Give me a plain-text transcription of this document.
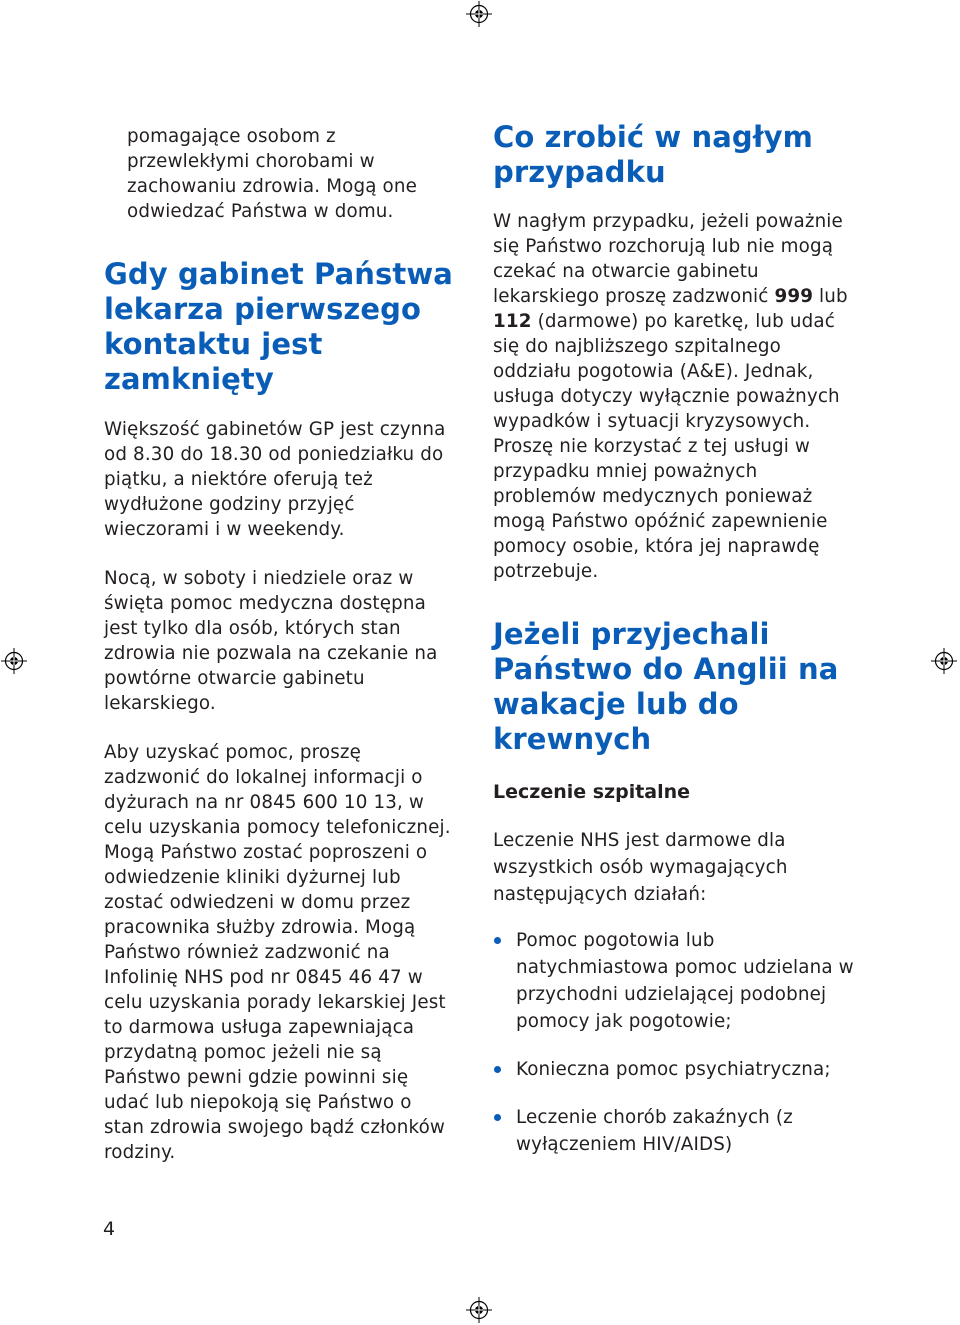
pomagające osobom z przewlekłymi chorobami w zachowaniu zdrowia. Mogą one odwiedzać Państwa w domu.

Gdy gabinet Państwa lekarza pierwszego kontaktu jest zamknięty

Większość gabinetów GP jest czynna od 8.30 do 18.30 od poniedziałku do piątku, a niektóre oferują też wydłużone godziny przyjęć wieczorami i w weekendy.

Nocą, w soboty i niedziele oraz w święta pomoc medyczna dostępna jest tylko dla osób, których stan zdrowia nie pozwala na czekanie na powtórne otwarcie gabinetu lekarskiego.

Aby uzyskać pomoc, proszę zadzwonić do lokalnej informacji o dyżurach na nr 0845 600 10 13, w celu uzyskania pomocy telefonicznej. Mogą Państwo zostać poproszeni o odwiedzenie kliniki dyżurnej lub zostać odwiedzeni w domu przez pracownika służby zdrowia. Mogą Państwo również zadzwonić na Infolinię NHS pod nr 0845 46 47 w celu uzyskania porady lekarskiej Jest to darmowa usługa zapewniająca przydatną pomoc jeżeli nie są Państwo pewni gdzie powinni się udać lub niepokoją się Państwo o stan zdrowia swojego bądź członków rodziny.

Co zrobić w nagłym przypadku

W nagłym przypadku, jeżeli poważnie się Państwo rozchorują lub nie mogą czekać na otwarcie gabinetu lekarskiego proszę zadzwonić 999 lub 112 (darmowe) po karetkę, lub udać się do najbliższego szpitalnego oddziału pogotowia (A&E). Jednak, usługa dotyczy wyłącznie poważnych wypadków i sytuacji kryzysowych. Proszę nie korzystać z tej usługi w przypadku mniej poważnych problemów medycznych ponieważ mogą Państwo opóźnić zapewnienie pomocy osobie, która jej naprawdę potrzebuje.

Jeżeli przyjechali Państwo do Anglii na wakacje lub do krewnych
Leczenie szpitalne

Leczenie NHS jest darmowe dla wszystkich osób wymagających następujących działań:

Pomoc pogotowia lub natychmiastowa pomoc udzielana w przychodni udzielającej podobnej pomocy jak pogotowie;
Konieczna pomoc psychiatryczna;
Leczenie chorób zakaźnych (z wyłączeniem HIV/AIDS)
4
